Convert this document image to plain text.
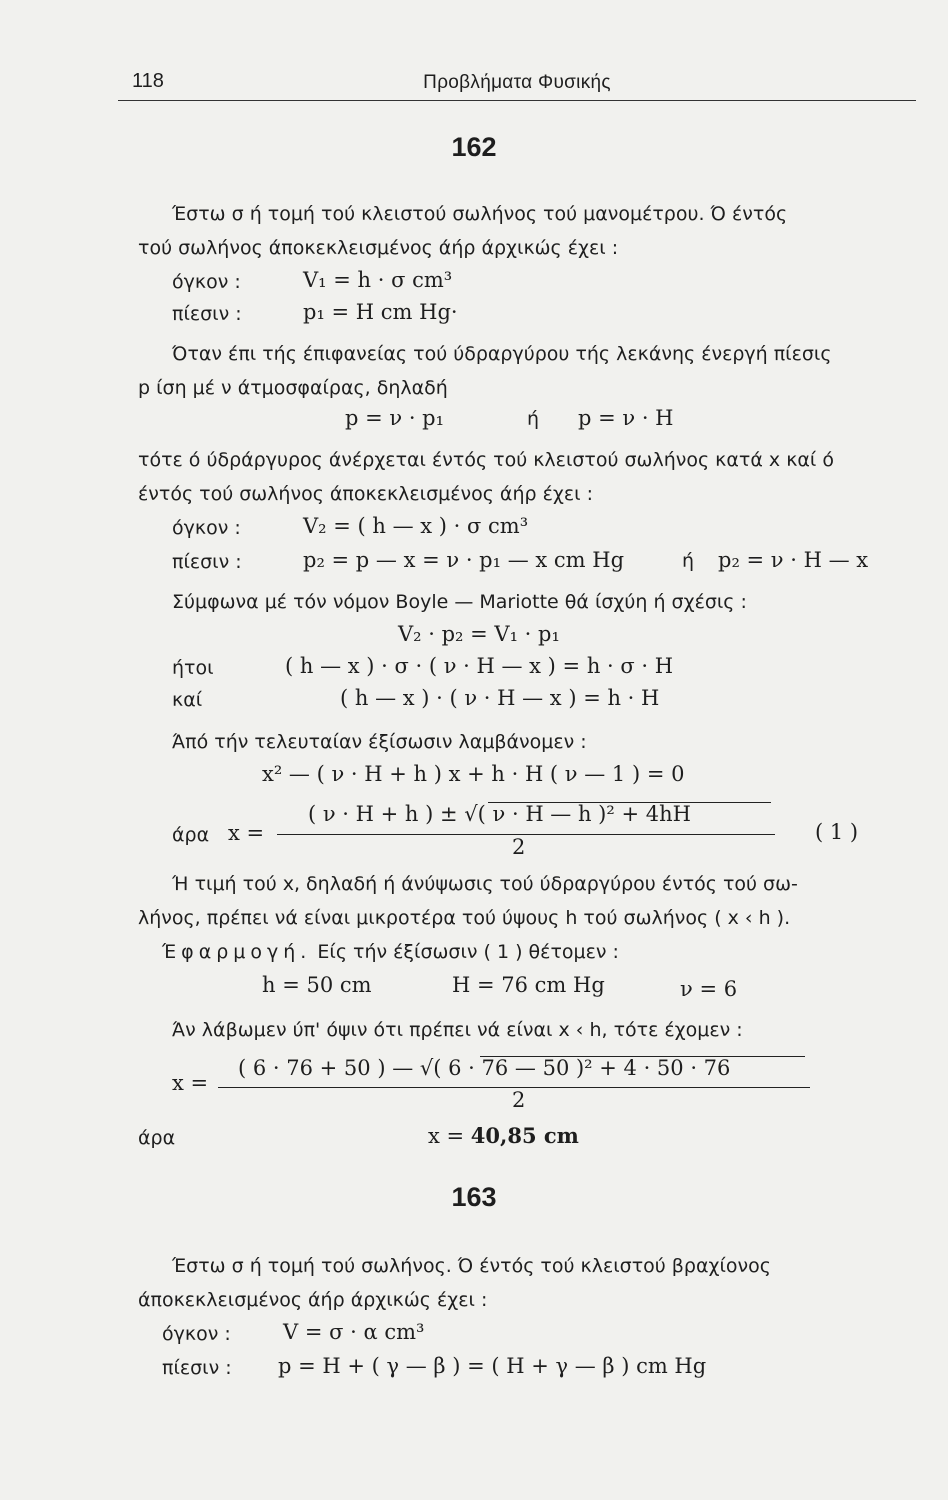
118	Προβλήματα Φυσικής
162
Έστω σ ή τομή τού κλειστού σωλήνος τού μανομέτρου. Ό έντός
τού σωλήνος άποκεκλεισμένος άήρ άρχικώς έχει :
όγκον :	V₁ = h · σ cm³
πίεσιν :	p₁ = H cm Hg·
Όταν έπι τής έπιφανείας τού ύδραργύρου τής λεκάνης ένεργή πίεσις
p ίση μέ ν άτμοσφαίρας, δηλαδή
p = ν · p₁	ή p = ν · H
τότε ό ύδράργυρος άνέρχεται έντός τού κλειστού σωλήνος κατά x καί ό
έντός τού σωλήνος άποκεκλεισμένος άήρ έχει :
όγκον :	V₂ = ( h — x ) · σ cm³
πίεσιν :	p₂ = p — x = ν · p₁ — x cm Hg	ή p₂ = ν · H — x
Σύμφωνα μέ τόν νόμον Boyle — Mariotte θά ίσχύη ή σχέσις :
V₂ · p₂ = V₁ · p₁
ήτοι	( h — x ) · σ · ( ν · H — x ) = h · σ · H
καί	( h — x ) · ( ν · H — x ) = h · H
Άπό τήν τελευταίαν έξίσωσιν λαμβάνομεν :
x² — ( ν · H + h ) x + h · H ( ν — 1 ) = 0
( ν · H + h ) ± √( ν · H — h )² + 4hH
άρα x =
2
( 1 )
Ή τιμή τού x, δηλαδή ή άνύψωσις τού ύδραργύρου έντός τού σω-
λήνος, πρέπει νά είναι μικροτέρα τού ύψους h τού σωλήνος ( x ‹ h ).
Έφαρμογή. Είς τήν έξίσωσιν ( 1 ) θέτομεν :
h = 50 cm	H = 76 cm Hg	ν = 6
Άν λάβωμεν ύπ' όψιν ότι πρέπει νά είναι x ‹ h, τότε έχομεν :
( 6 · 76 + 50 ) — √( 6 · 76 — 50 )² + 4 · 50 · 76
x =
2
άρα	x = 40,85 cm
163
Έστω σ ή τομή τού σωλήνος. Ό έντός τού κλειστού βραχίονος
άποκεκλεισμένος άήρ άρχικώς έχει :
όγκον : V = σ · α cm³
πίεσιν : p = H + ( γ — β ) = ( H + γ — β ) cm Hg
